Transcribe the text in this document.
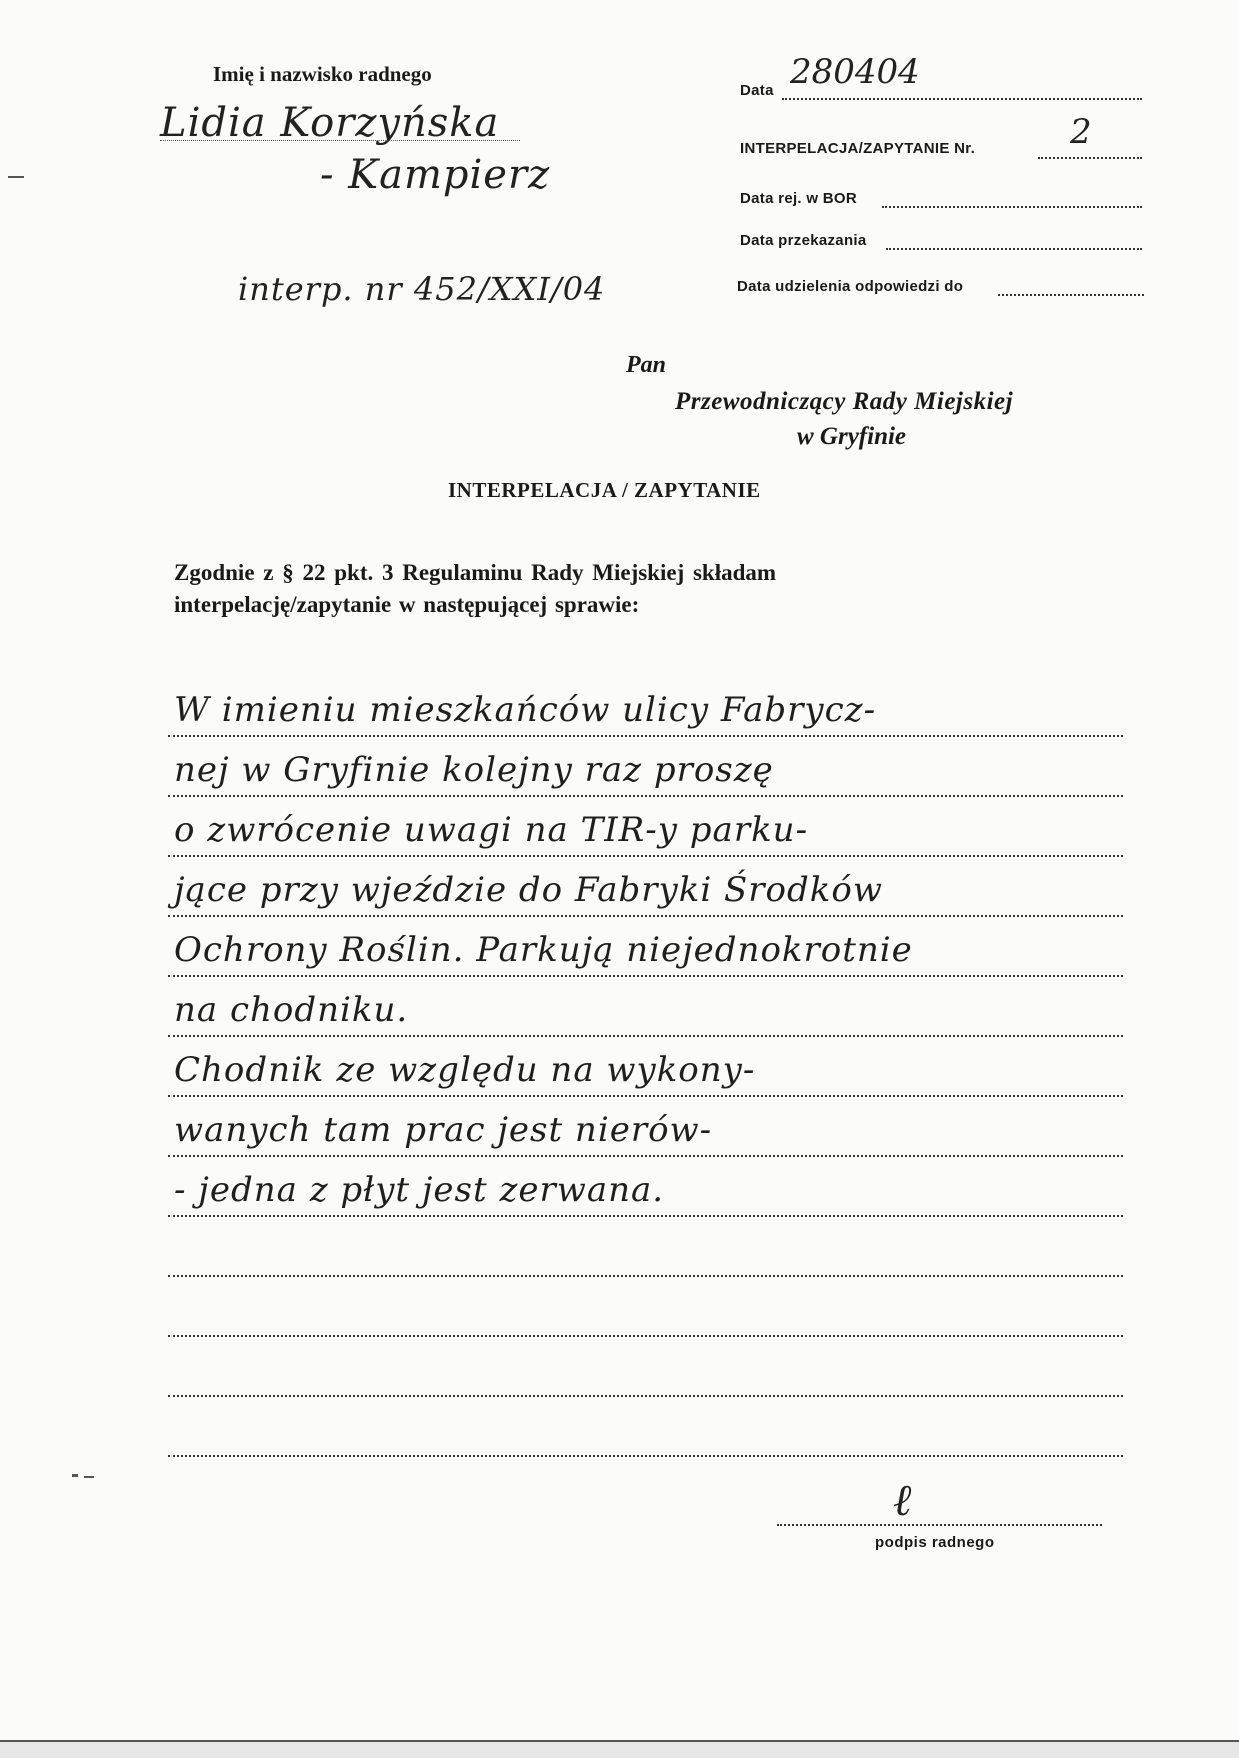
Imię i nazwisko radnego
Lidia Korzyńska
- Kampierz
interp. nr 452/XXI/04
Data 280404
INTERPELACJA/ZAPYTANIE Nr.	2
Data rej. w BOR
Data przekazania
Data udzielenia odpowiedzi do
Pan
Przewodniczący Rady Miejskiej
w Gryfinie
INTERPELACJA / ZAPYTANIE
Zgodnie z § 22 pkt. 3 Regulaminu Rady Miejskiej składam
interpelację/zapytanie w następującej sprawie:
W imieniu mieszkańców ulicy Fabrycz-
nej w Gryfinie kolejny raz proszę
o zwrócenie uwagi na TIR-y parku-
jące przy wjeździe do Fabryki Środków
Ochrony Roślin. Parkują niejednokrotnie
na chodniku.
Chodnik ze względu na wykony-
wanych tam prac jest nierów-
- jedna z płyt jest zerwana.
ℓ
podpis radnego
